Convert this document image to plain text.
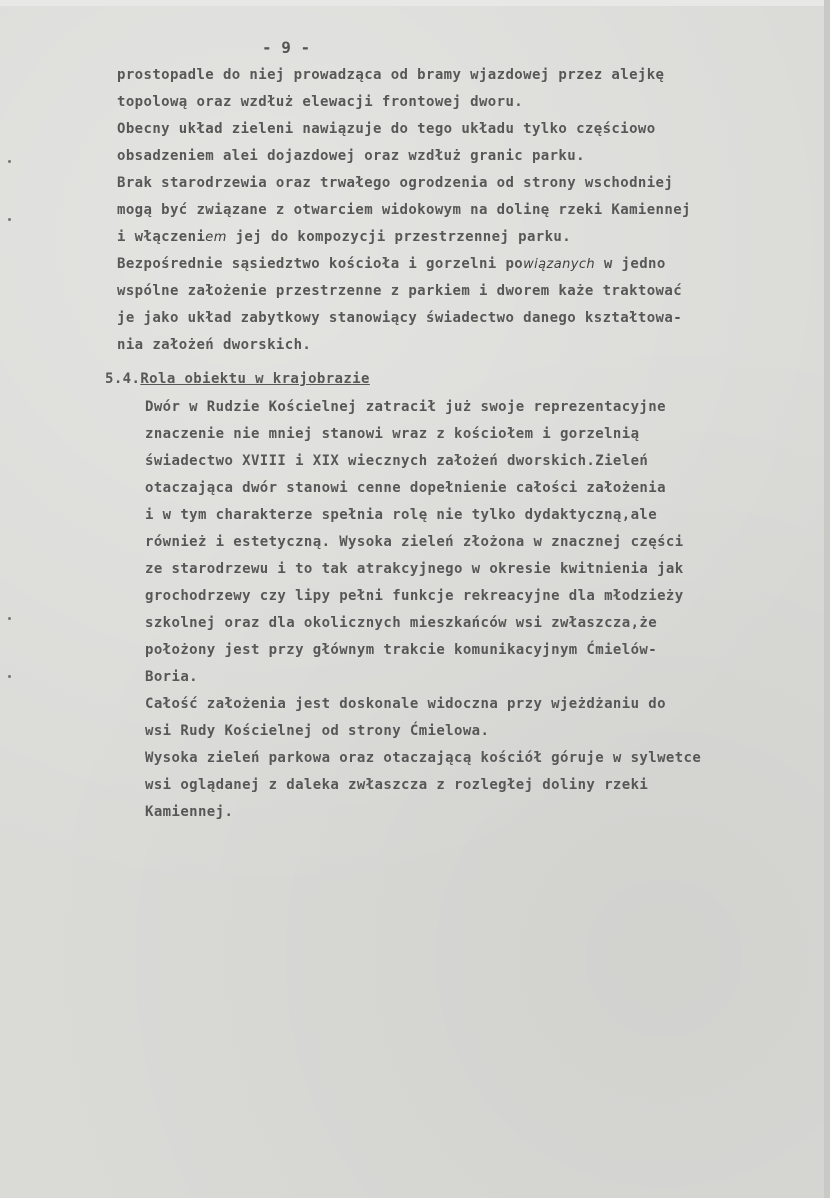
- 9 -
prostopadle do niej prowadząca od bramy wjazdowej przez alejkę
topolową oraz wzdłuż elewacji frontowej dworu.
Obecny układ zieleni nawiązuje do tego układu tylko częściowo
obsadzeniem alei dojazdowej oraz wzdłuż granic parku.
Brak starodrzewia oraz trwałego ogrodzenia od strony wschodniej
mogą być związane z otwarciem widokowym na dolinę rzeki Kamiennej
i włączeniem jej do kompozycji przestrzennej parku.
Bezpośrednie sąsiedztwo kościoła i gorzelni powiązanych w jedno
wspólne założenie przestrzenne z parkiem i dworem każe traktować
je jako układ zabytkowy stanowiący świadectwo danego kształtowa-
nia założeń dworskich.
5.4.Rola obiektu w krajobrazie
Dwór w Rudzie Kościelnej zatracił już swoje reprezentacyjne
znaczenie nie mniej stanowi wraz z kościołem i gorzelnią
świadectwo XVIII i XIX wiecznych założeń dworskich.Zieleń
otaczająca dwór stanowi cenne dopełnienie całości założenia
i w tym charakterze spełnia rolę nie tylko dydaktyczną,ale
również i estetyczną. Wysoka zieleń złożona w znacznej części
ze starodrzewu i to tak atrakcyjnego w okresie kwitnienia jak
grochodrzewy czy lipy pełni funkcje rekreacyjne dla młodzieży
szkolnej oraz dla okolicznych mieszkańców wsi zwłaszcza,że
położony jest przy głównym trakcie komunikacyjnym Ćmielów-
Boria.
Całość założenia jest doskonale widoczna przy wjeżdżaniu do
wsi Rudy Kościelnej od strony Ćmielowa.
Wysoka zieleń parkowa oraz otaczającą kościół góruje w sylwetce
wsi oglądanej z daleka zwłaszcza z rozległej doliny rzeki
Kamiennej.
